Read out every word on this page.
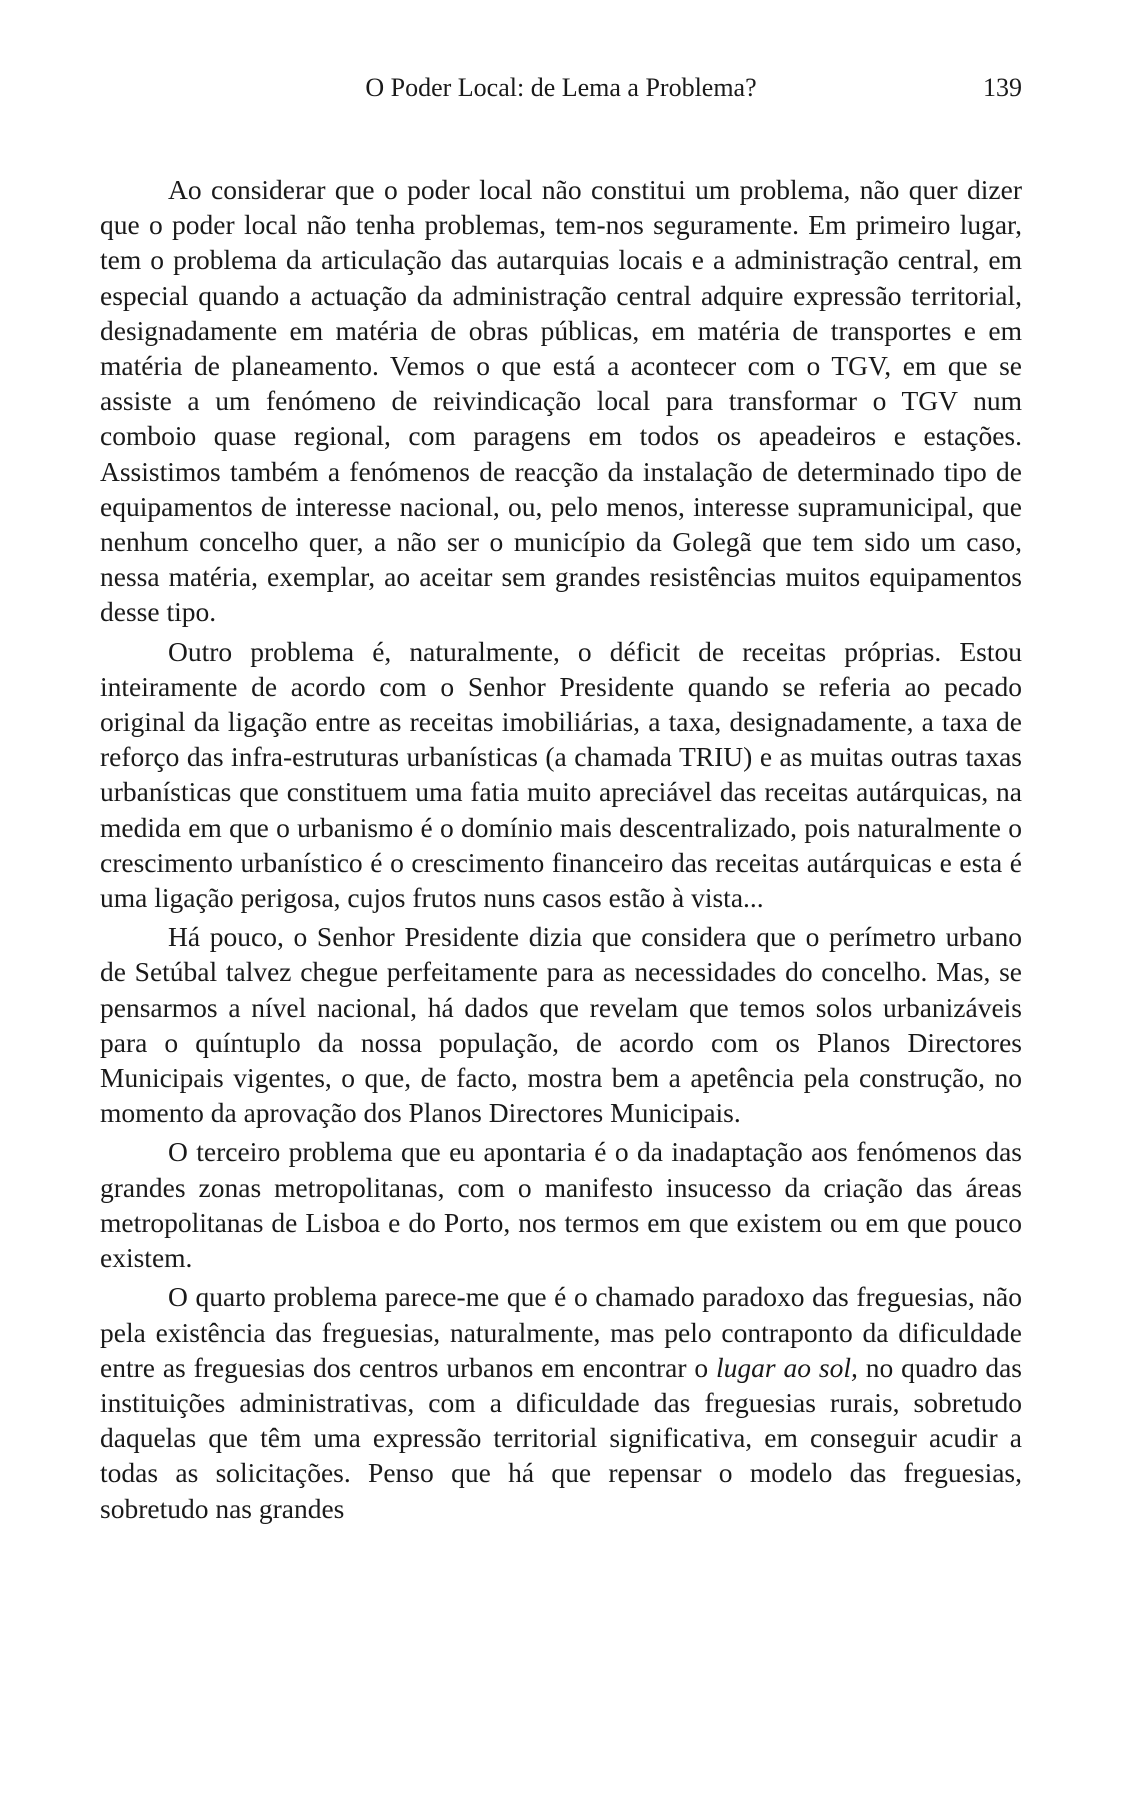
O Poder Local: de Lema a Problema?	139

Ao considerar que o poder local não constitui um problema, não quer dizer que o poder local não tenha problemas, tem-nos seguramente. Em primeiro lugar, tem o problema da articulação das autarquias locais e a administração central, em especial quando a actuação da administração central adquire expressão territorial, designadamente em matéria de obras públicas, em matéria de transportes e em matéria de planeamento. Vemos o que está a acontecer com o TGV, em que se assiste a um fenómeno de reivindicação local para transformar o TGV num comboio quase regional, com paragens em todos os apeadeiros e estações. Assistimos também a fenómenos de reacção da instalação de determinado tipo de equipamentos de interesse nacional, ou, pelo menos, interesse supramunicipal, que nenhum concelho quer, a não ser o município da Golegã que tem sido um caso, nessa matéria, exemplar, ao aceitar sem grandes resistências muitos equipamentos desse tipo.

Outro problema é, naturalmente, o déficit de receitas próprias. Estou inteiramente de acordo com o Senhor Presidente quando se referia ao pecado original da ligação entre as receitas imobiliárias, a taxa, designadamente, a taxa de reforço das infra-estruturas urbanísticas (a chamada TRIU) e as muitas outras taxas urbanísticas que constituem uma fatia muito apreciável das receitas autárquicas, na medida em que o urbanismo é o domínio mais descentralizado, pois naturalmente o crescimento urbanístico é o crescimento financeiro das receitas autárquicas e esta é uma ligação perigosa, cujos frutos nuns casos estão à vista...

Há pouco, o Senhor Presidente dizia que considera que o perímetro urbano de Setúbal talvez chegue perfeitamente para as necessidades do concelho. Mas, se pensarmos a nível nacional, há dados que revelam que temos solos urbanizáveis para o quíntuplo da nossa população, de acordo com os Planos Directores Municipais vigentes, o que, de facto, mostra bem a apetência pela construção, no momento da aprovação dos Planos Directores Municipais.

O terceiro problema que eu apontaria é o da inadaptação aos fenómenos das grandes zonas metropolitanas, com o manifesto insucesso da criação das áreas metropolitanas de Lisboa e do Porto, nos termos em que existem ou em que pouco existem.

O quarto problema parece-me que é o chamado paradoxo das freguesias, não pela existência das freguesias, naturalmente, mas pelo contraponto da dificuldade entre as freguesias dos centros urbanos em encontrar o lugar ao sol, no quadro das instituições administrativas, com a dificuldade das freguesias rurais, sobretudo daquelas que têm uma expressão territorial significativa, em conseguir acudir a todas as solicitações. Penso que há que repensar o modelo das freguesias, sobretudo nas grandes
